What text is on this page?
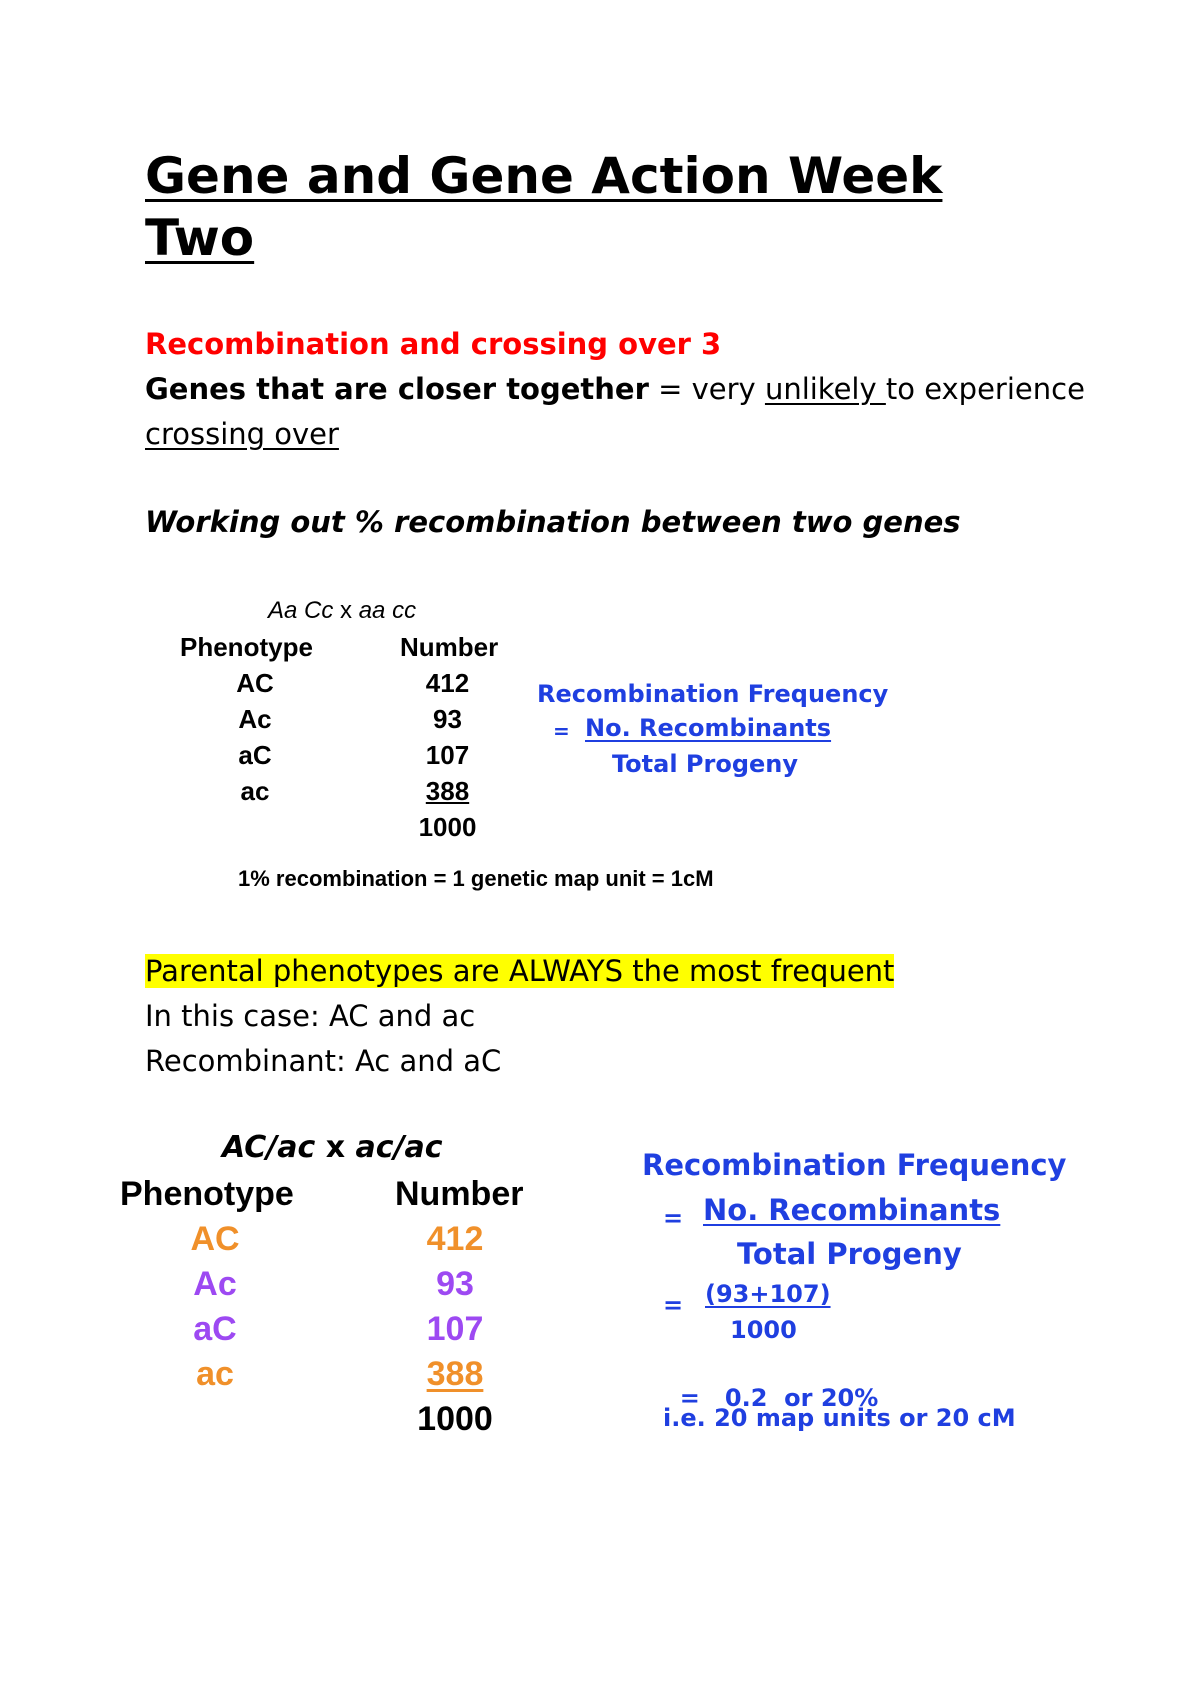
Gene and Gene Action Week Two
Recombination and crossing over 3
Genes that are closer together = very unlikely to experience
crossing over
Working out % recombination between two genes
Aa Cc x aa cc
Phenotype	Number
AC	412
Ac	93
aC	107
ac	388
1000
1% recombination = 1 genetic map unit = 1cM
Recombination Frequency
= No. Recombinants
Total Progeny
Parental phenotypes are ALWAYS the most frequent
In this case: AC and ac
Recombinant: Ac and aC
AC/ac x ac/ac
Phenotype	Number
AC	412
Ac	93
aC	107
ac	388
1000
Recombination Frequency
= No. Recombinants
Total Progeny
= (93+107)
1000

= 0.2  or 20%

i.e. 20 map units or 20 cM
